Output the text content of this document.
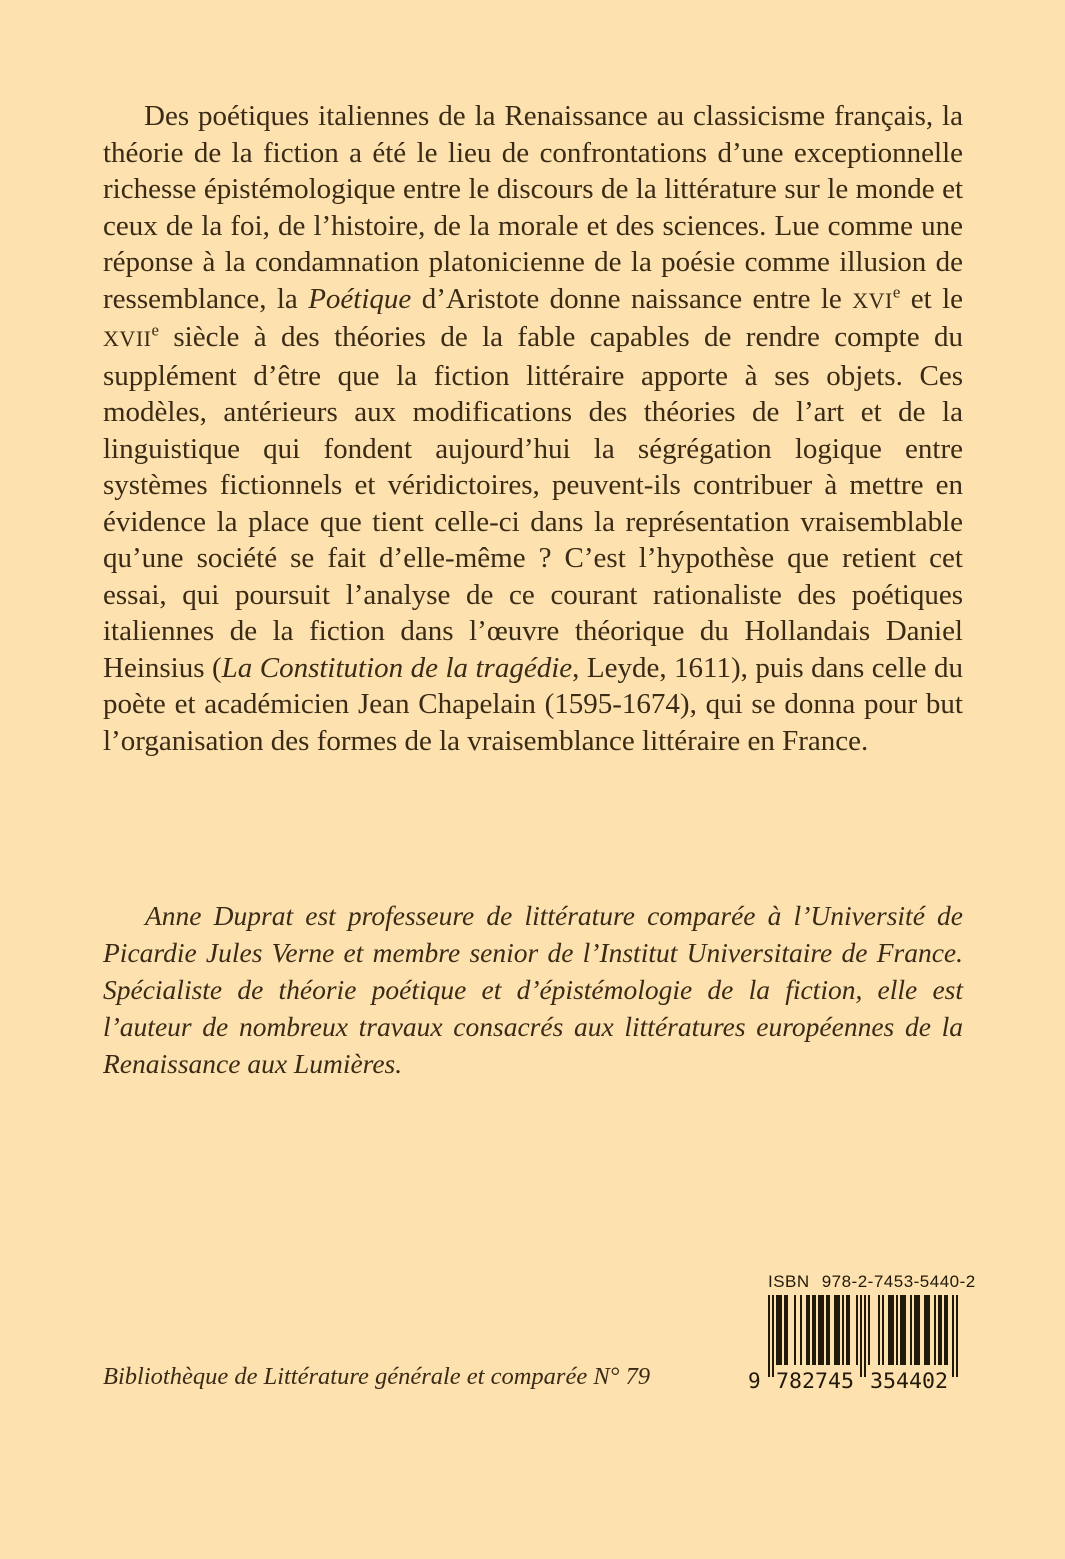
Des poétiques italiennes de la Renaissance au classicisme français, la théorie de la fiction a été le lieu de confrontations d’une exceptionnelle richesse épistémologique entre le discours de la littérature sur le monde et ceux de la foi, de l’histoire, de la morale et des sciences. Lue comme une réponse à la condamnation platonicienne de la poésie comme illusion de ressemblance, la Poétique d’Aristote donne naissance entre le XVIe et le XVIIe siècle à des théories de la fable capables de rendre compte du supplément d’être que la fiction littéraire apporte à ses objets. Ces modèles, antérieurs aux modifications des théories de l’art et de la linguistique qui fondent aujourd’hui la ségrégation logique entre systèmes fictionnels et véridictoires, peuvent-ils contribuer à mettre en évidence la place que tient celle-ci dans la représentation vraisemblable qu’une société se fait d’elle-même ? C’est l’hypothèse que retient cet essai, qui poursuit l’analyse de ce courant rationaliste des poétiques italiennes de la fiction dans l’œuvre théorique du Hollandais Daniel Heinsius (La Constitution de la tragédie, Leyde, 1611), puis dans celle du poète et académicien Jean Chapelain (1595-1674), qui se donna pour but l’organisation des formes de la vraisemblance littéraire en France.

Anne Duprat est professeure de littérature comparée à l’Université de Picardie Jules Verne et membre senior de l’Institut Universitaire de France. Spécialiste de théorie poétique et d’épistémologie de la fiction, elle est l’auteur de nombreux travaux consacrés aux littératures européennes de la Renaissance aux Lumières.

Bibliothèque de Littérature générale et comparée N° 79
ISBN 978-2-7453-5440-2
9 782745 354402
